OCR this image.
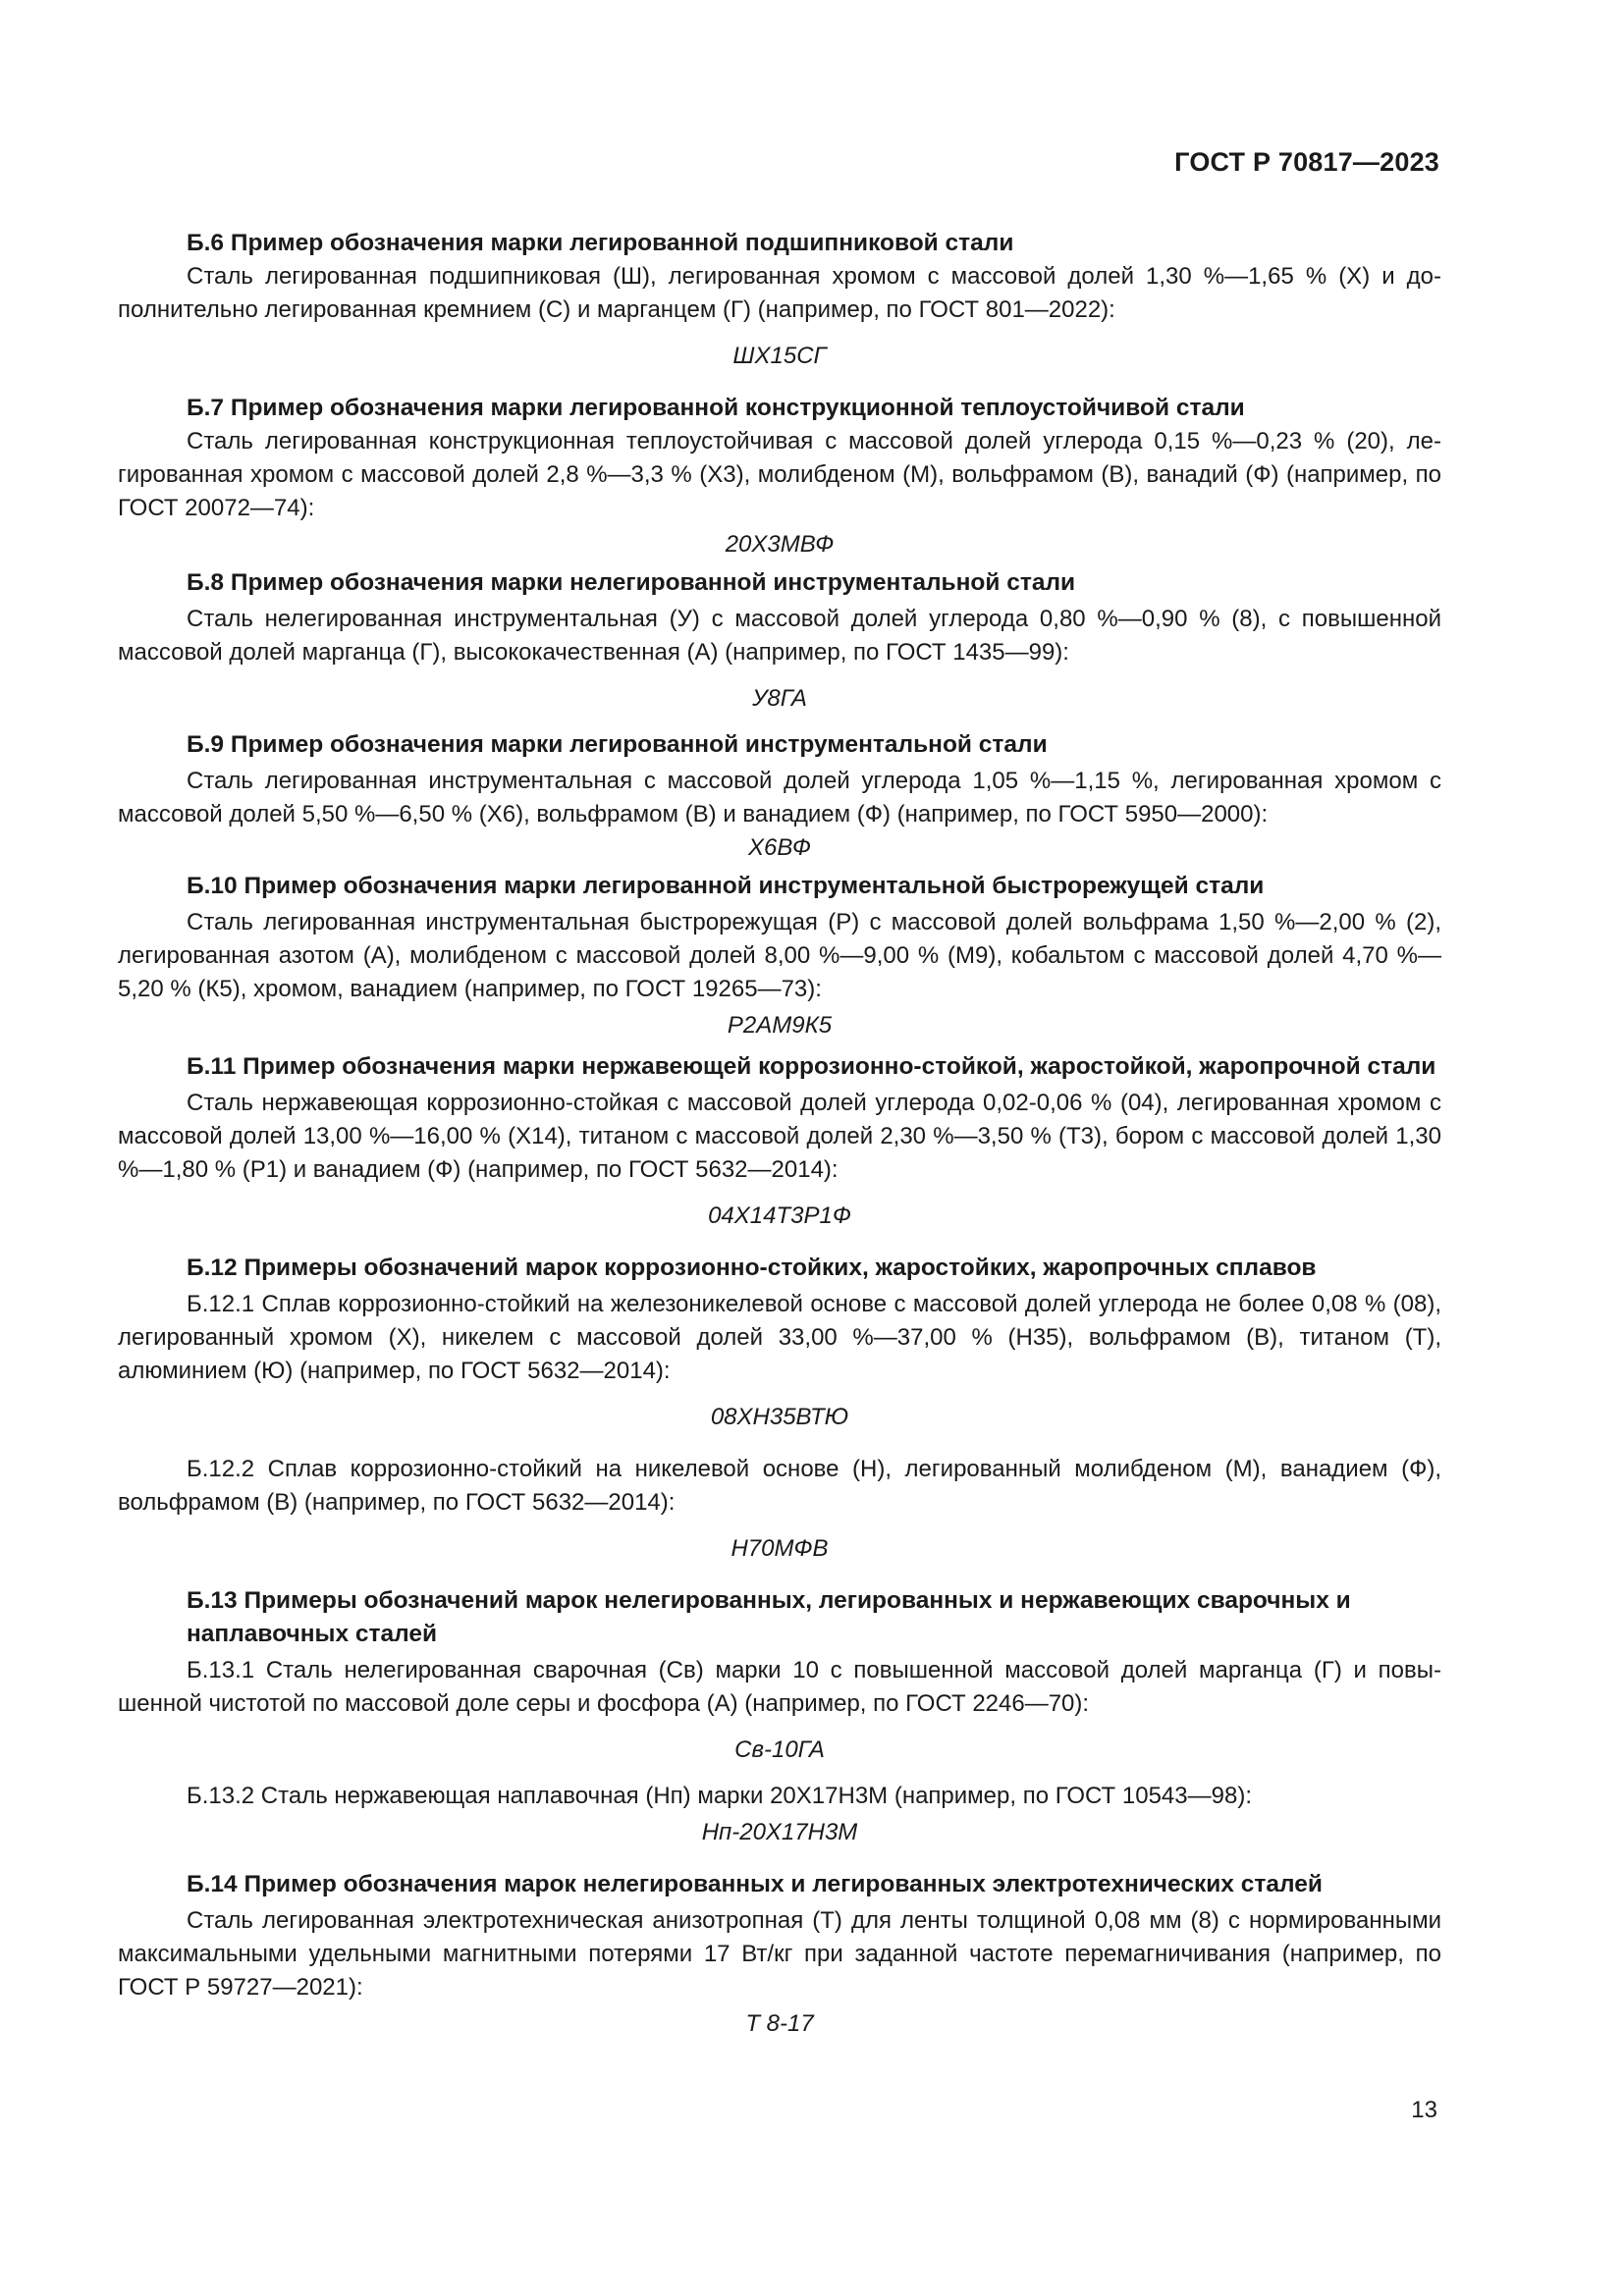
ГОСТ Р 70817—2023

Б.6 Пример обозначения марки легированной подшипниковой стали

Сталь легированная подшипниковая (Ш), легированная хромом с массовой долей 1,30 %—1,65 % (Х) и дополнительно легированная кремнием (С) и марганцем (Г) (например, по ГОСТ 801—2022):

ШХ15СГ

Б.7 Пример обозначения марки легированной конструкционной теплоустойчивой стали

Сталь легированная конструкционная теплоустойчивая с массовой долей углерода 0,15 %—0,23 % (20), легированная хромом с массовой долей 2,8 %—3,3 % (Х3), молибденом (М), вольфрамом (В), ванадий (Ф) (например, по ГОСТ 20072—74):

20Х3МВФ

Б.8 Пример обозначения марки нелегированной инструментальной стали

Сталь нелегированная инструментальная (У) с массовой долей углерода 0,80 %—0,90 % (8), с повышенной массовой долей марганца (Г), высококачественная (А) (например, по ГОСТ 1435—99):

У8ГА

Б.9 Пример обозначения марки легированной инструментальной стали

Сталь легированная инструментальная с массовой долей углерода 1,05 %—1,15 %, легированная хромом с массовой долей 5,50 %—6,50 % (Х6), вольфрамом (В) и ванадием (Ф) (например, по ГОСТ 5950—2000):

Х6ВФ

Б.10 Пример обозначения марки легированной инструментальной быстрорежущей стали

Сталь легированная инструментальная быстрорежущая (Р) с массовой долей вольфрама 1,50 %—2,00 % (2), легированная азотом (А), молибденом с массовой долей 8,00 %—9,00 % (М9), кобальтом с массовой долей 4,70 %—5,20 % (К5), хромом, ванадием (например, по ГОСТ 19265—73):

Р2АМ9К5

Б.11 Пример обозначения марки нержавеющей коррозионно-стойкой, жаростойкой, жаропрочной стали

Сталь нержавеющая коррозионно-стойкая с массовой долей углерода 0,02-0,06 % (04), легированная хромом с массовой долей 13,00 %—16,00 % (Х14), титаном с массовой долей 2,30 %—3,50 % (Т3), бором с массовой долей 1,30 %—1,80 % (Р1) и ванадием (Ф) (например, по ГОСТ 5632—2014):

04Х14Т3Р1Ф

Б.12 Примеры обозначений марок коррозионно-стойких, жаростойких, жаропрочных сплавов

Б.12.1 Сплав коррозионно-стойкий на железоникелевой основе с массовой долей углерода не более 0,08 % (08), легированный хромом (Х), никелем с массовой долей 33,00 %—37,00 % (Н35), вольфрамом (В), титаном (Т), алюминием (Ю) (например, по ГОСТ 5632—2014):

08ХН35ВТЮ

Б.12.2 Сплав коррозионно-стойкий на никелевой основе (Н), легированный молибденом (М), ванадием (Ф), вольфрамом (В) (например, по ГОСТ 5632—2014):

Н70МФВ

Б.13 Примеры обозначений марок нелегированных, легированных и нержавеющих сварочных и наплавочных сталей

Б.13.1 Сталь нелегированная сварочная (Св) марки 10 с повышенной массовой долей марганца (Г) и повышенной чистотой по массовой доле серы и фосфора (А) (например, по ГОСТ 2246—70):

Св-10ГА

Б.13.2 Сталь нержавеющая наплавочная (Нп) марки 20Х17Н3М (например, по ГОСТ 10543—98):

Нп-20Х17Н3М

Б.14 Пример обозначения марок нелегированных и легированных электротехнических сталей

Сталь легированная электротехническая анизотропная (Т) для ленты толщиной 0,08 мм (8) с нормированными максимальными удельными магнитными потерями 17 Вт/кг при заданной частоте перемагничивания (например, по ГОСТ Р 59727—2021):

Т 8-17

13
